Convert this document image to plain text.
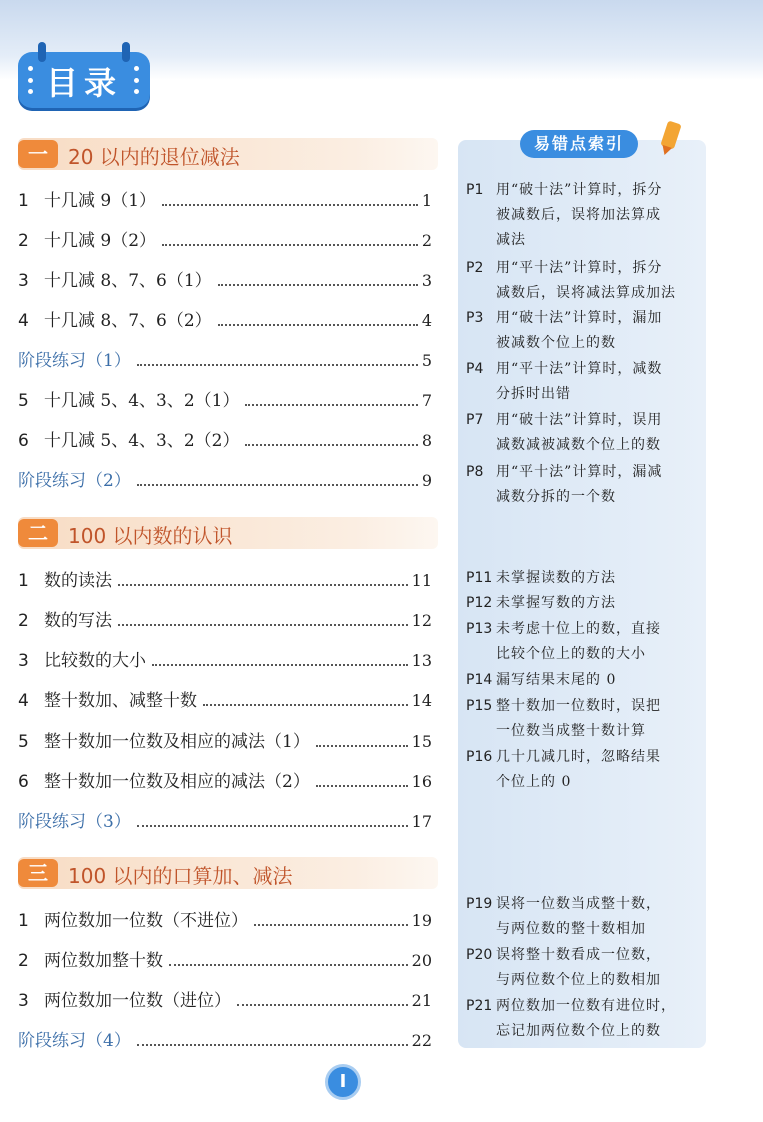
目录
一	20 以内的退位减法
1 十几减 9（1）	1
2 十几减 9（2）	2
3 十几减 8、7、6（1）	3
4 十几减 8、7、6（2）	4
阶段练习（1）	5
5 十几减 5、4、3、2（1）	7
6 十几减 5、4、3、2（2）	8
阶段练习（2）	9
二	100 以内数的认识
1 数的读法	11
2 数的写法	12
3 比较数的大小	13
4 整十数加、减整十数	14
5 整十数加一位数及相应的减法（1）	15
6 整十数加一位数及相应的减法（2）	16
阶段练习（3）	17
三	100 以内的口算加、减法
1 两位数加一位数（不进位）	19
2 两位数加整十数	20
3 两位数加一位数（进位）	21
阶段练习（4）	22
易错点索引
P1 用“破十法”计算时，拆分
被减数后，误将加法算成
减法
P2 用“平十法”计算时，拆分
减数后，误将减法算成加法
P3 用“破十法”计算时，漏加
被减数个位上的数
P4 用“平十法”计算时，减数
分拆时出错
P7 用“破十法”计算时，误用
减数减被减数个位上的数
P8 用“平十法”计算时，漏减
减数分拆的一个数
P11 未掌握读数的方法
P12 未掌握写数的方法
P13 未考虑十位上的数，直接
比较个位上的数的大小
P14 漏写结果末尾的 0
P15 整十数加一位数时，误把
一位数当成整十数计算
P16 几十几减几时，忽略结果
个位上的 0
P19 误将一位数当成整十数，
与两位数的整十数相加
P20 误将整十数看成一位数，
与两位数个位上的数相加
P21 两位数加一位数有进位时，
忘记加两位数个位上的数
I
